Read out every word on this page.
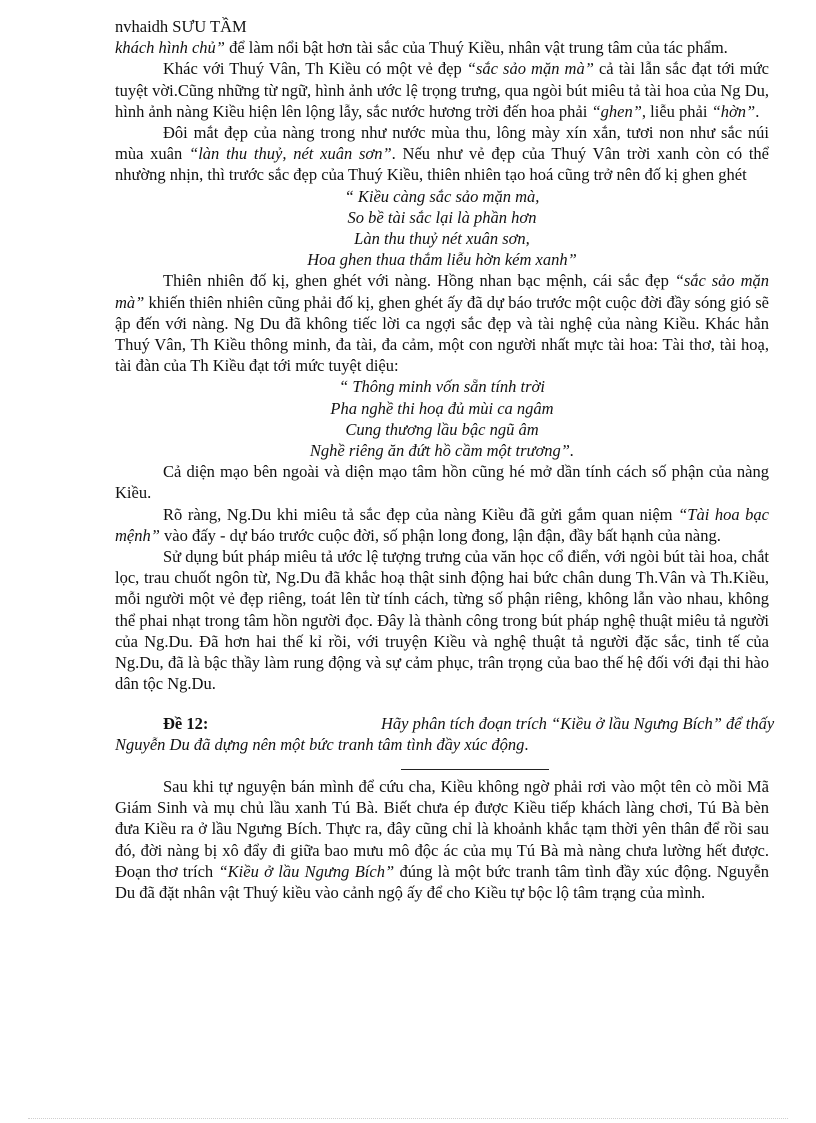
nvhaidh SƯU TẦM

khách hình chủ” để làm nổi bật hơn tài sắc của Thuý Kiều, nhân vật trung tâm của tác phẩm.

Khác với Thuý Vân, Th Kiều có một vẻ đẹp “sắc sảo mặn mà” cả tài lẫn sắc đạt tới mức tuyệt vời.Cũng những từ ngữ, hình ảnh ước lệ trọng trưng, qua ngòi bút miêu tả tài hoa của Ng Du, hình ảnh nàng Kiều hiện lên lộng lẫy, sắc nước hương trời đến hoa phải “ghen”, liễu phải “hờn”.

Đôi mắt đẹp của nàng trong như nước mùa thu, lông mày xín xắn, tươi non như sắc núi mùa xuân “làn thu thuỷ, nét xuân sơn”. Nếu như vẻ đẹp của Thuý Vân trời xanh còn có thể nhường nhịn, thì trước sắc đẹp của Thuý Kiều, thiên nhiên tạo hoá cũng trở nên đố kị ghen ghét

“ Kiều càng sắc sảo mặn mà,
So bề tài sắc lại là phần hơn
Làn thu thuỷ nét xuân sơn,
Hoa ghen thua thắm liễu hờn kém xanh”

Thiên nhiên đố kị, ghen ghét với nàng. Hồng nhan bạc mệnh, cái sắc đẹp “sắc sảo mặn mà” khiến thiên nhiên cũng phải đố kị, ghen ghét ấy đã dự báo trước một cuộc đời đầy sóng gió sẽ ập đến với nàng. Ng Du đã không tiếc lời ca ngợi sắc đẹp và tài nghệ của nàng Kiều. Khác hẳn Thuý Vân, Th Kiều thông minh, đa tài, đa cảm, một con người nhất mực tài hoa: Tài thơ, tài hoạ, tài đàn của Th Kiều đạt tới mức tuyệt diệu:

“ Thông minh vốn sẵn tính trời
Pha nghề thi hoạ đủ mùi ca ngâm
Cung thương lầu bậc ngũ âm
Nghề riêng ăn đứt hồ cầm một trương”.

Cả diện mạo bên ngoài và diện mạo tâm hồn cũng hé mở dần tính cách số phận của nàng Kiều.

Rõ ràng, Ng.Du khi miêu tả sắc đẹp của nàng Kiều đã gửi gắm quan niệm “Tài hoa bạc mệnh” vào đấy - dự báo trước cuộc đời, số phận long đong, lận đận, đầy bất hạnh của nàng.

Sử dụng bút pháp miêu tả ước lệ tượng trưng của văn học cổ điển, với ngòi bút tài hoa, chắt lọc, trau chuốt ngôn từ, Ng.Du đã khắc hoạ thật sinh động hai bức chân dung Th.Vân và Th.Kiều, mỗi người một vẻ đẹp riêng, toát lên từ tính cách, từng số phận riêng, không lẫn vào nhau, không thể phai nhạt trong tâm hồn người đọc. Đây là thành công trong bút pháp nghệ thuật miêu tả người của Ng.Du. Đã hơn hai thế kỉ rồi, với truyện Kiều và nghệ thuật tả người đặc sắc, tinh tế của Ng.Du, đã là bậc thầy làm rung động và sự cảm phục, trân trọng của bao thế hệ đối với đại thi hào dân tộc Ng.Du.

Đề 12:	Hãy phân tích đoạn trích “Kiều ở lầu Ngưng Bích” để thấy
Nguyễn Du đã dựng nên một bức tranh tâm tình đầy xúc động.

Sau khi tự nguyện bán mình để cứu cha, Kiều không ngờ phải rơi vào một tên cò mồi Mã Giám Sinh và mụ chủ lầu xanh Tú Bà. Biết chưa ép được Kiều tiếp khách làng chơi, Tú Bà bèn đưa Kiều ra ở lầu Ngưng Bích. Thực ra, đây cũng chỉ là khoảnh khắc tạm thời yên thân để rồi sau đó, đời nàng bị xô đẩy đi giữa bao mưu mô độc ác của mụ Tú Bà mà nàng chưa lường hết được. Đoạn thơ trích “Kiều ở lầu Ngưng Bích” đúng là một bức tranh tâm tình đầy xúc động. Nguyễn Du đã đặt nhân vật Thuý kiều vào cảnh ngộ ấy để cho Kiều tự bộc lộ tâm trạng của mình.
